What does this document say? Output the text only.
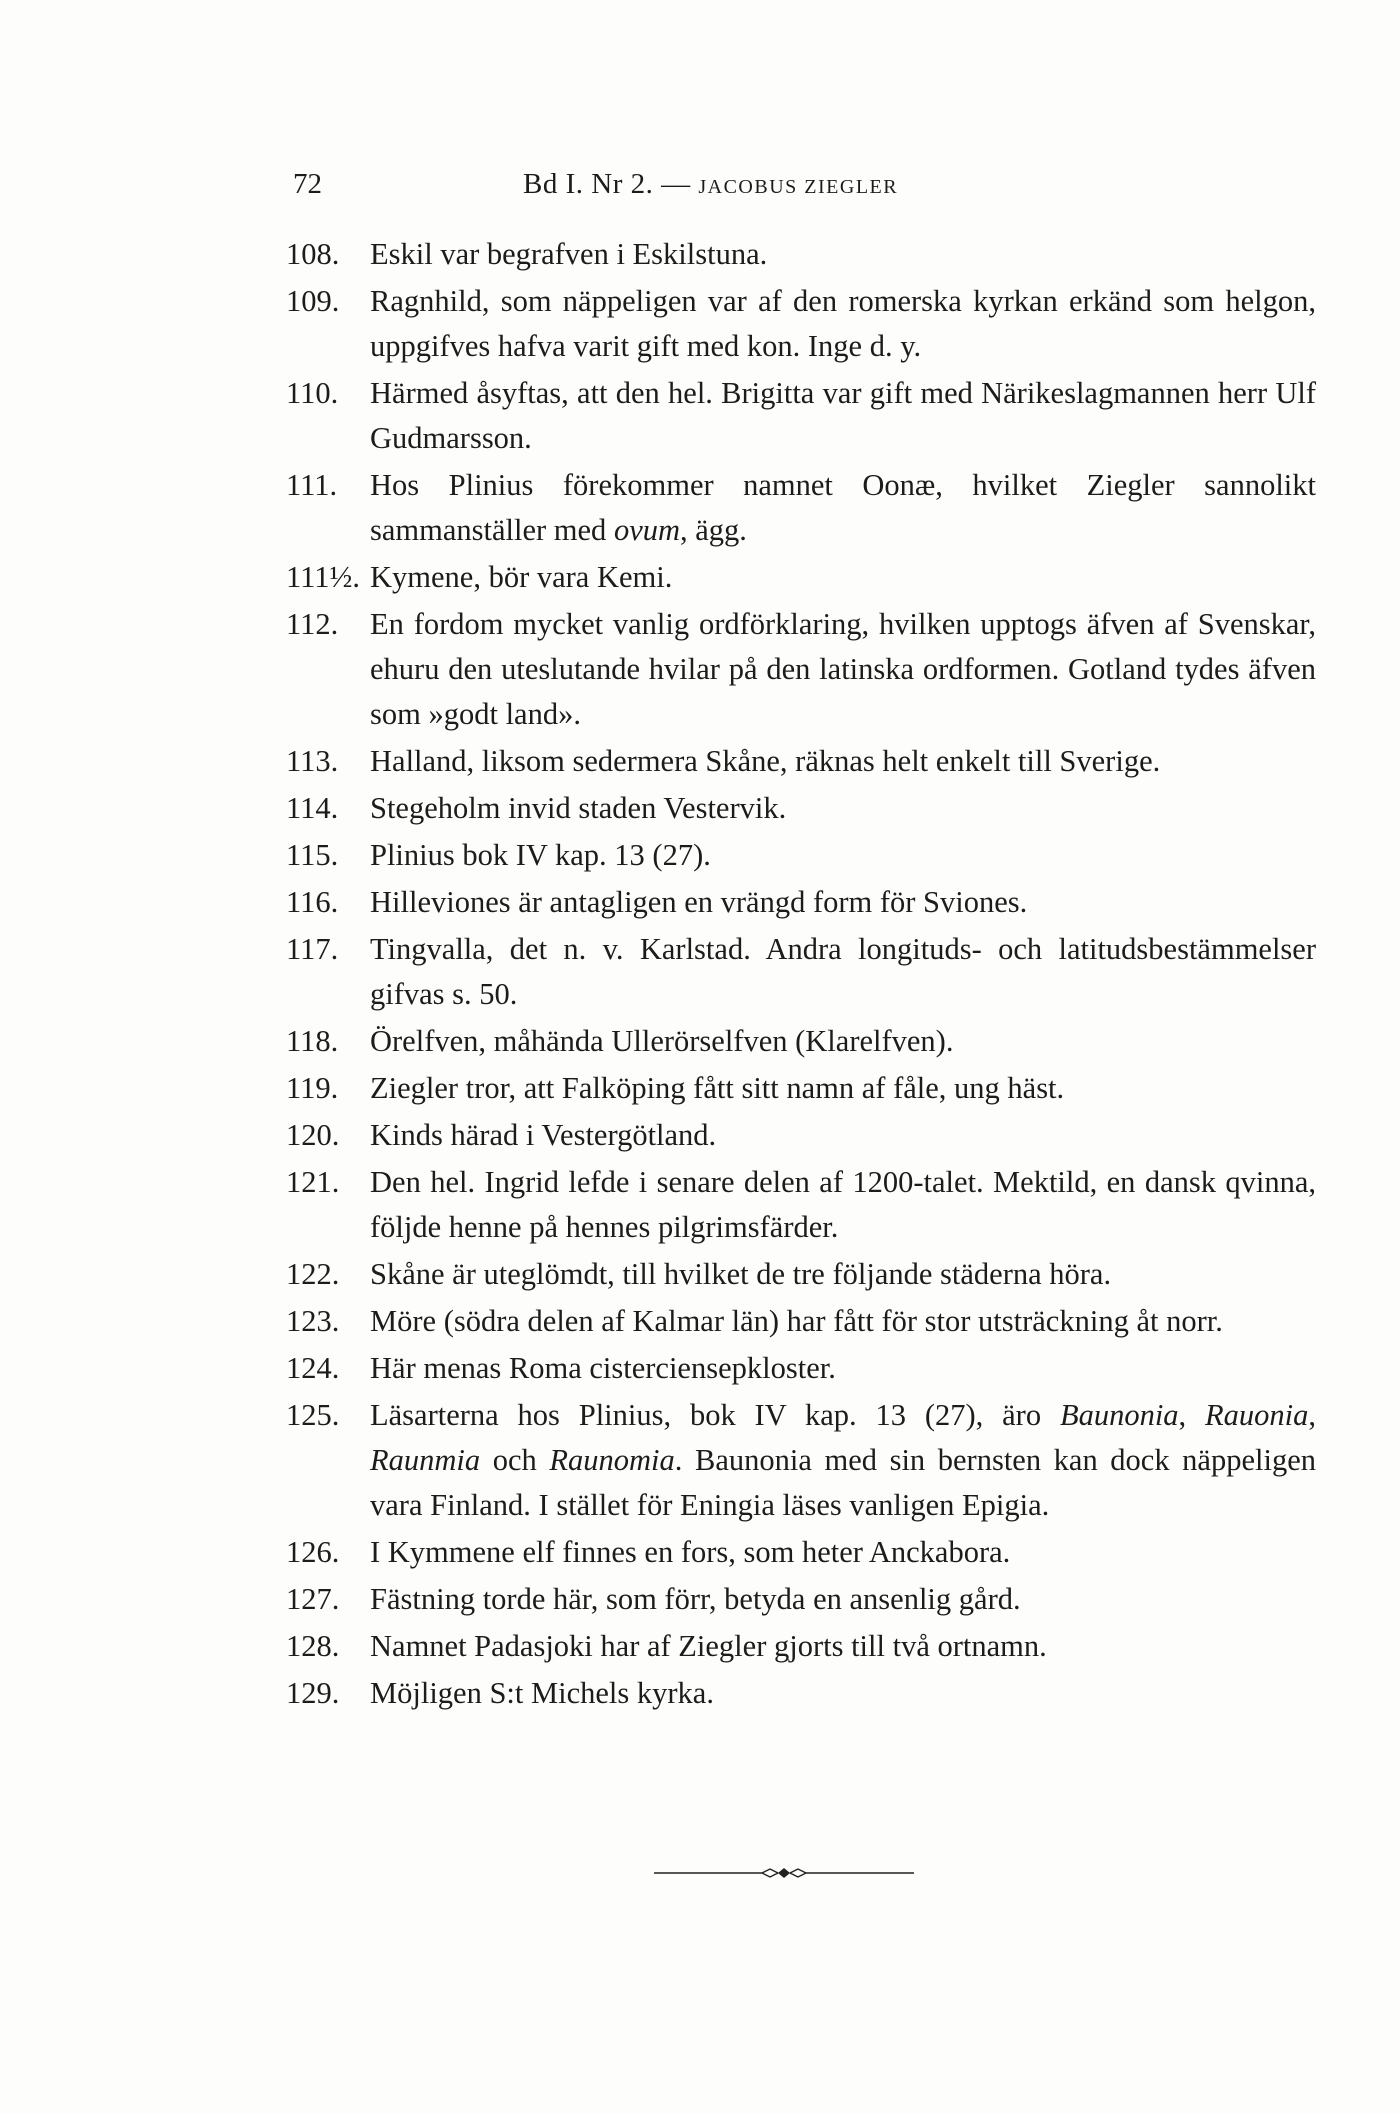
72	Bd I. Nr 2. — JACOBUS ZIEGLER
108.	Eskil var begrafven i Eskilstuna.
109.	Ragnhild, som näppeligen var af den romerska kyrkan erkänd som helgon, uppgifves hafva varit gift med kon. Inge d. y.
110.	Härmed åsyftas, att den hel. Brigitta var gift med Närikeslagmannen herr Ulf Gudmarsson.
111.	Hos Plinius förekommer namnet Oonæ, hvilket Ziegler sannolikt sammanställer med ovum, ägg.
111½. Kymene, bör vara Kemi.
112.	En fordom mycket vanlig ordförklaring, hvilken upptogs äfven af Svenskar, ehuru den uteslutande hvilar på den latinska ordformen. Gotland tydes äfven som »godt land».
113.	Halland, liksom sedermera Skåne, räknas helt enkelt till Sverige.
114.	Stegeholm invid staden Vestervik.
115.	Plinius bok IV kap. 13 (27).
116.	Hilleviones är antagligen en vrängd form för Sviones.
117.	Tingvalla, det n. v. Karlstad. Andra longituds- och latitudsbestämmelser gifvas s. 50.
118.	Örelfven, måhända Ullerörselfven (Klarelfven).
119.	Ziegler tror, att Falköping fått sitt namn af fåle, ung häst.
120.	Kinds härad i Vestergötland.
121.	Den hel. Ingrid lefde i senare delen af 1200-talet. Mektild, en dansk qvinna, följde henne på hennes pilgrimsfärder.
122.	Skåne är uteglömdt, till hvilket de tre följande städerna höra.
123.	Möre (södra delen af Kalmar län) har fått för stor utsträckning åt norr.
124.	Här menas Roma cisterciensерkloster.
125.	Läsarterna hos Plinius, bok IV kap. 13 (27), äro Baunonia, Rauonia, Raunmia och Raunomia. Baunonia med sin bernsten kan dock näppeligen vara Finland. I stället för Eningia läses vanligen Epigia.
126.	I Kymmene elf finnes en fors, som heter Anckabora.
127.	Fästning torde här, som förr, betyda en ansenlig gård.
128.	Namnet Padasjoki har af Ziegler gjorts till två ortnamn.
129.	Möjligen S:t Michels kyrka.
